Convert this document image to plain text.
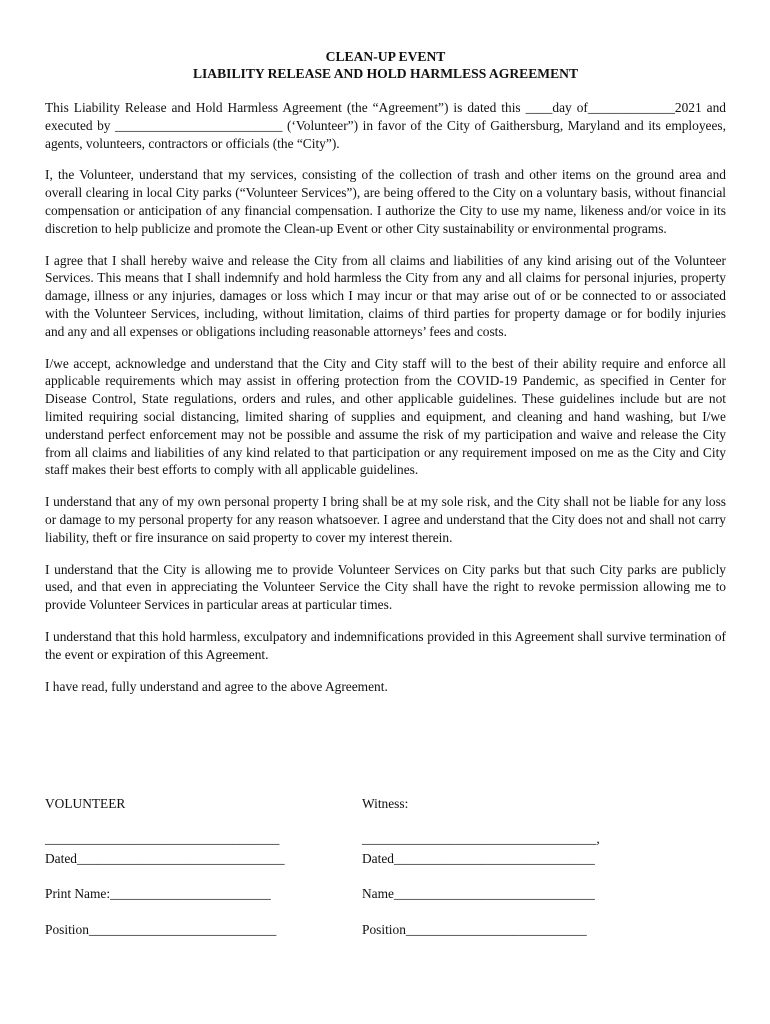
CLEAN-UP EVENT
LIABILITY RELEASE AND HOLD HARMLESS AGREEMENT

This Liability Release and Hold Harmless Agreement (the “Agreement”) is dated this ____day of_____________2021 and executed by _________________________ (‘Volunteer”) in favor of the City of Gaithersburg, Maryland and its employees, agents, volunteers, contractors or officials (the “City”).

I, the Volunteer, understand that my services, consisting of the collection of trash and other items on the ground area and overall clearing in local City parks (“Volunteer Services”), are being offered to the City on a voluntary basis, without financial compensation or anticipation of any financial compensation. I authorize the City to use my name, likeness and/or voice in its discretion to help publicize and promote the Clean-up Event or other City sustainability or environmental programs.

I agree that I shall hereby waive and release the City from all claims and liabilities of any kind arising out of the Volunteer Services. This means that I shall indemnify and hold harmless the City from any and all claims for personal injuries, property damage, illness or any injuries, damages or loss which I may incur or that may arise out of or be connected to or associated with the Volunteer Services, including, without limitation, claims of third parties for property damage or for bodily injuries and any and all expenses or obligations including reasonable attorneys’ fees and costs.

I/we accept, acknowledge and understand that the City and City staff will to the best of their ability require and enforce all applicable requirements which may assist in offering protection from the COVID-19 Pandemic, as specified in Center for Disease Control, State regulations, orders and rules, and other applicable guidelines. These guidelines include but are not limited requiring social distancing, limited sharing of supplies and equipment, and cleaning and hand washing, but I/we understand perfect enforcement may not be possible and assume the risk of my participation and waive and release the City from all claims and liabilities of any kind related to that participation or any requirement imposed on me as the City and City staff makes their best efforts to comply with all applicable guidelines.

I understand that any of my own personal property I bring shall be at my sole risk, and the City shall not be liable for any loss or damage to my personal property for any reason whatsoever. I agree and understand that the City does not and shall not carry liability, theft or fire insurance on said property to cover my interest therein.

I understand that the City is allowing me to provide Volunteer Services on City parks but that such City parks are publicly used, and that even in appreciating the Volunteer Service the City shall have the right to revoke permission allowing me to provide Volunteer Services in particular areas at particular times.

I understand that this hold harmless, exculpatory and indemnifications provided in this Agreement shall survive termination of the event or expiration of this Agreement.

I have read, fully understand and agree to the above Agreement.

VOLUNTEER	Witness:
___________________________________	___________________________________,
Dated_______________________________	Dated______________________________
Print Name:________________________	Name______________________________
Position____________________________	Position___________________________
